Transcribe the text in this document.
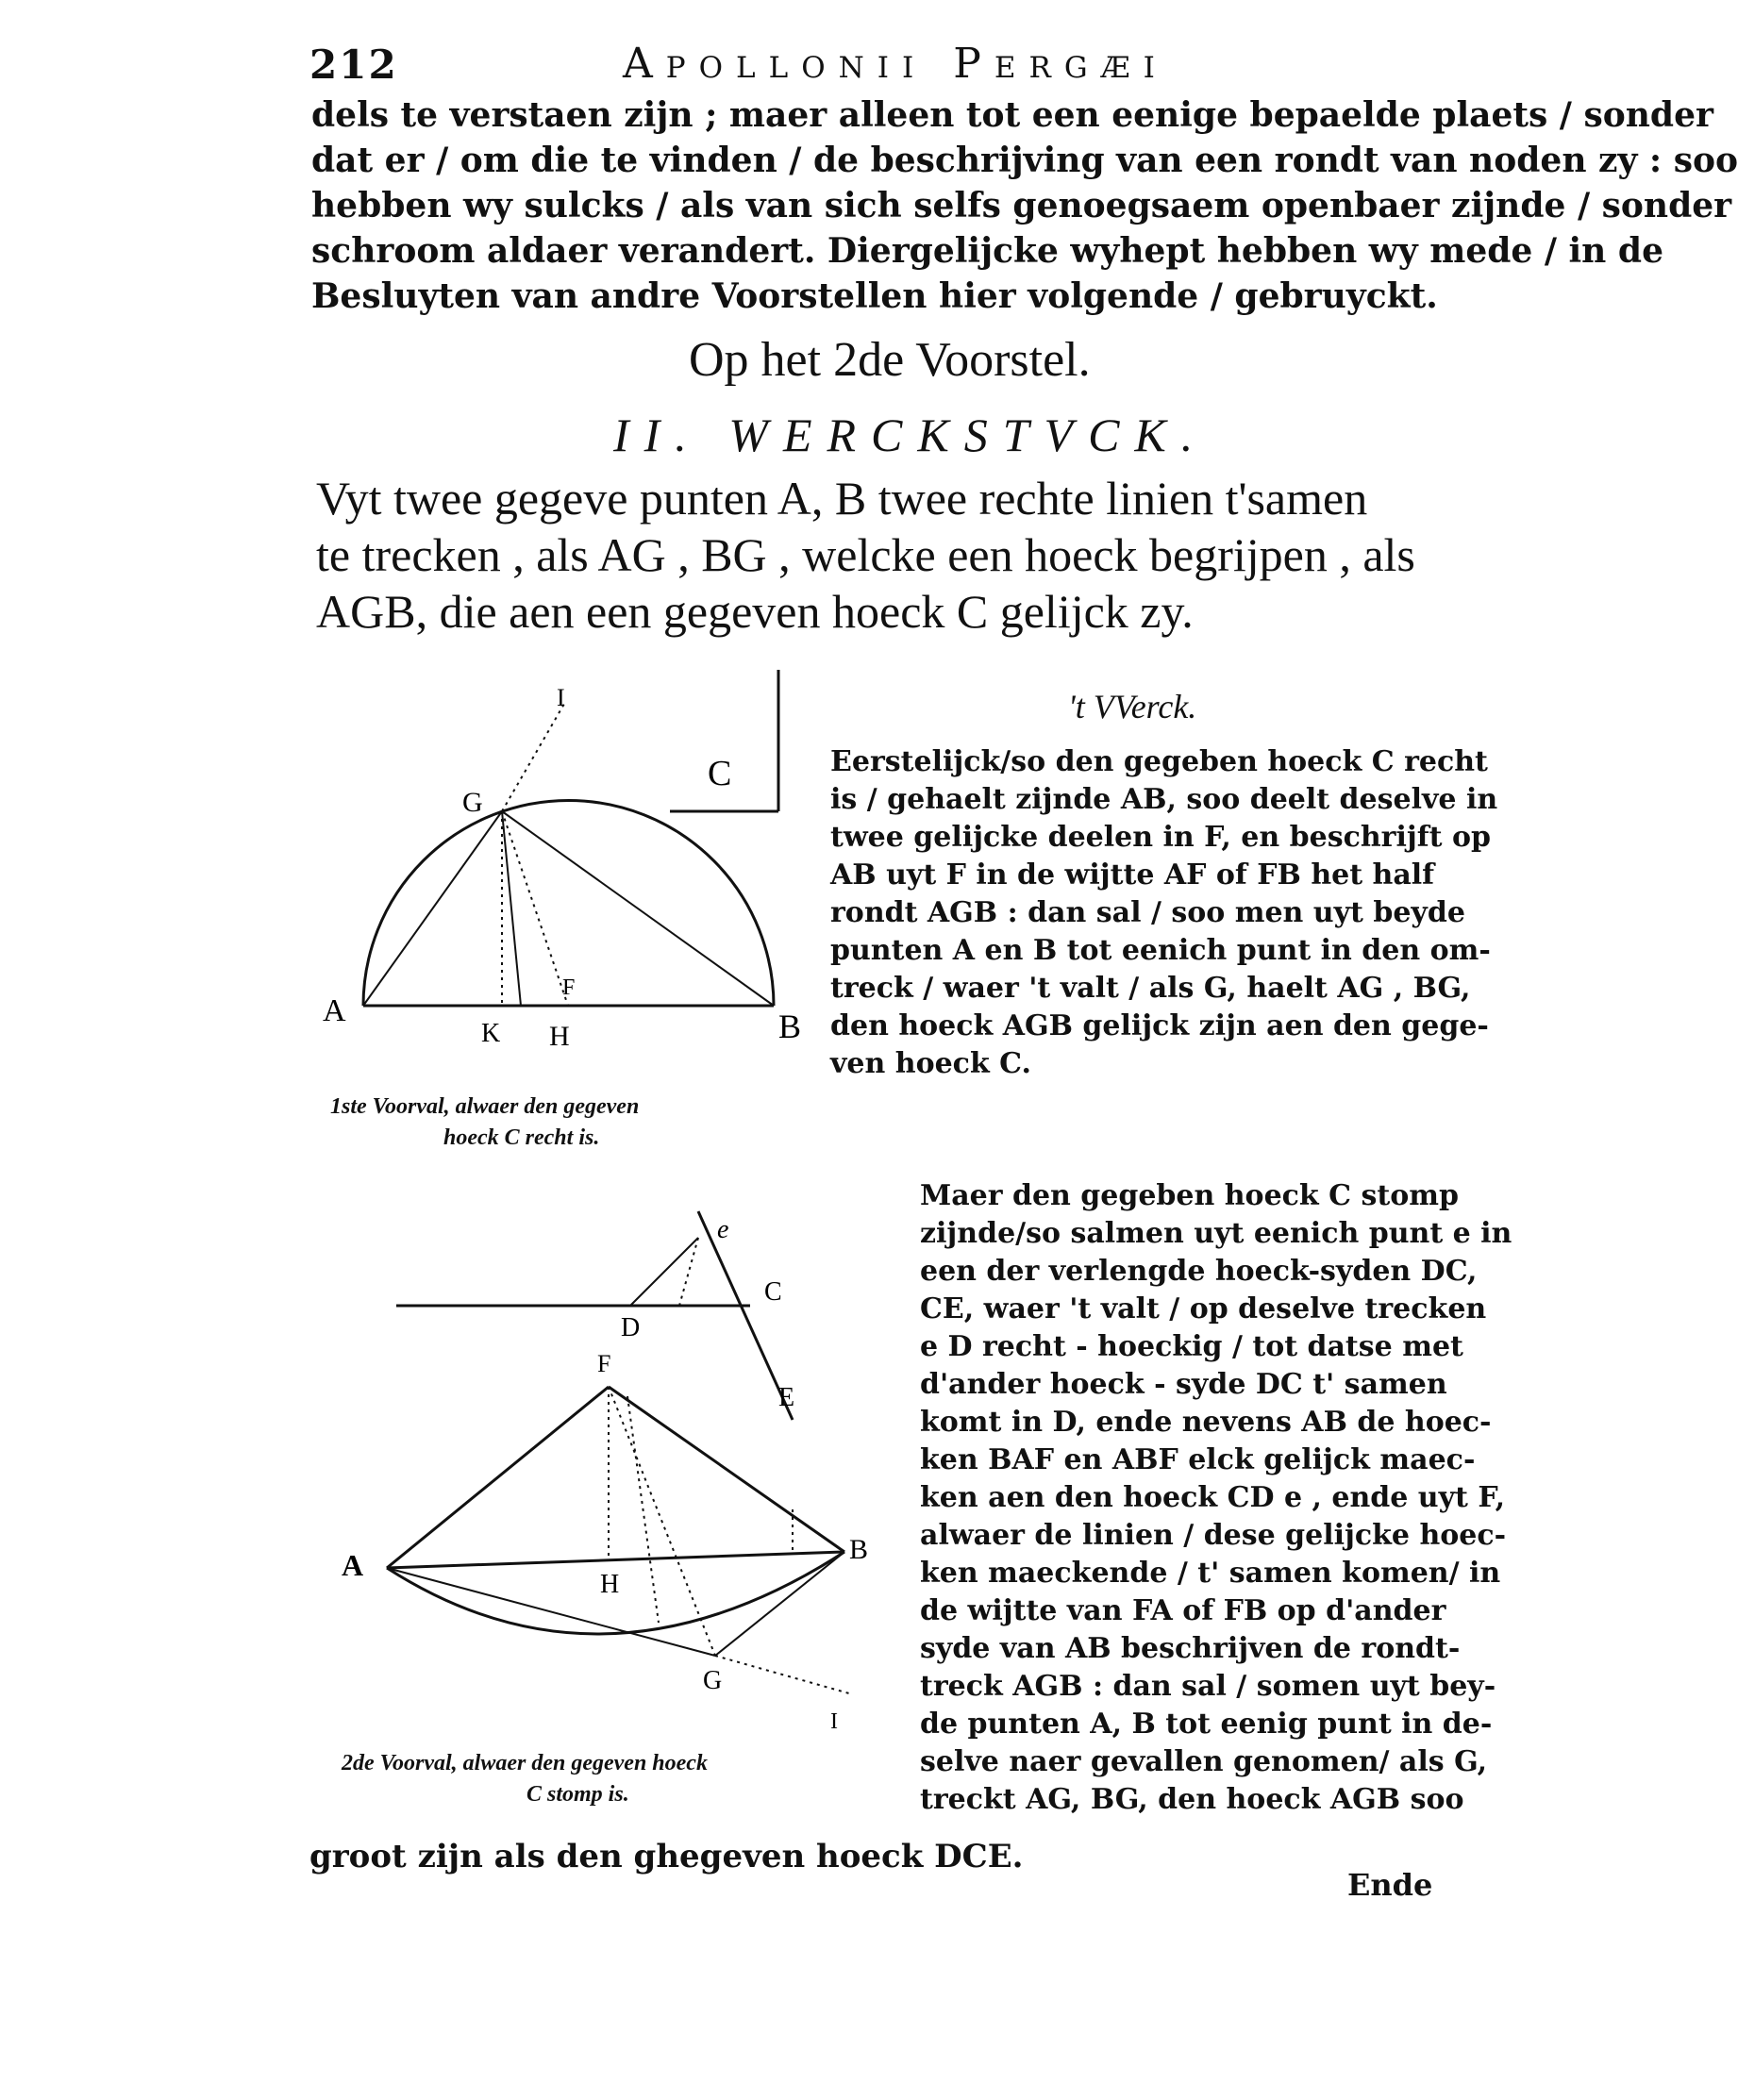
212	Apollonii Pergæi
dels te verstaen zijn ; maer alleen tot een eenige bepaelde plaets / sonder
dat er / om die te vinden / de beschrijving van een rondt van noden zy : soo
hebben wy sulcks / als van sich selfs genoegsaem openbaer zijnde / sonder
schroom aldaer verandert. Diergelijcke wyhept hebben wy mede / in de
Besluyten van andre Voorstellen hier volgende / gebruyckt.
Op het 2de Voorstel.
II. WERCKSTVCK.
Vyt twee gegeve punten A, B twee rechte linien t'samen
te trecken , als AG , BG , welcke een hoeck begrijpen , als
AGB, die aen een gegeven hoeck C gelijck zy.
I
G
C
A	B
F
K H
1ste Voorval, alwaer den gegeven
hoeck C recht is.
't VVerck.
Eerstelijck/so den gegeben hoeck C recht
is / gehaelt zijnde AB, soo deelt deselve in
twee gelijcke deelen in F, en beschrijft op
AB uyt F in de wijtte AF of FB het half
rondt AGB : dan sal / soo men uyt beyde
punten A en B tot eenich punt in den om-
treck / waer 't valt / als G, haelt AG , BG,
den hoeck AGB gelijck zijn aen den gege-
ven hoeck C.
e
C
D
F
E
A	B
H
G
I
2de Voorval, alwaer den gegeven hoeck
C stomp is.
Maer den gegeben hoeck C stomp
zijnde/so salmen uyt eenich punt e in
een der verlengde hoeck-syden DC,
CE, waer 't valt / op deselve trecken
e D recht - hoeckig / tot datse met
d'ander hoeck - syde DC t' samen
komt in D, ende nevens AB de hoec-
ken BAF en ABF elck gelijck maec-
ken aen den hoeck CD e , ende uyt F,
alwaer de linien / dese gelijcke hoec-
ken maeckende / t' samen komen/ in
de wijtte van FA of FB op d'ander
syde van AB beschrijven de rondt-
treck AGB : dan sal / somen uyt bey-
de punten A, B tot eenig punt in de-
selve naer gevallen genomen/ als G,
treckt AG, BG, den hoeck AGB soo
groot zijn als den ghegeven hoeck DCE.
Ende
